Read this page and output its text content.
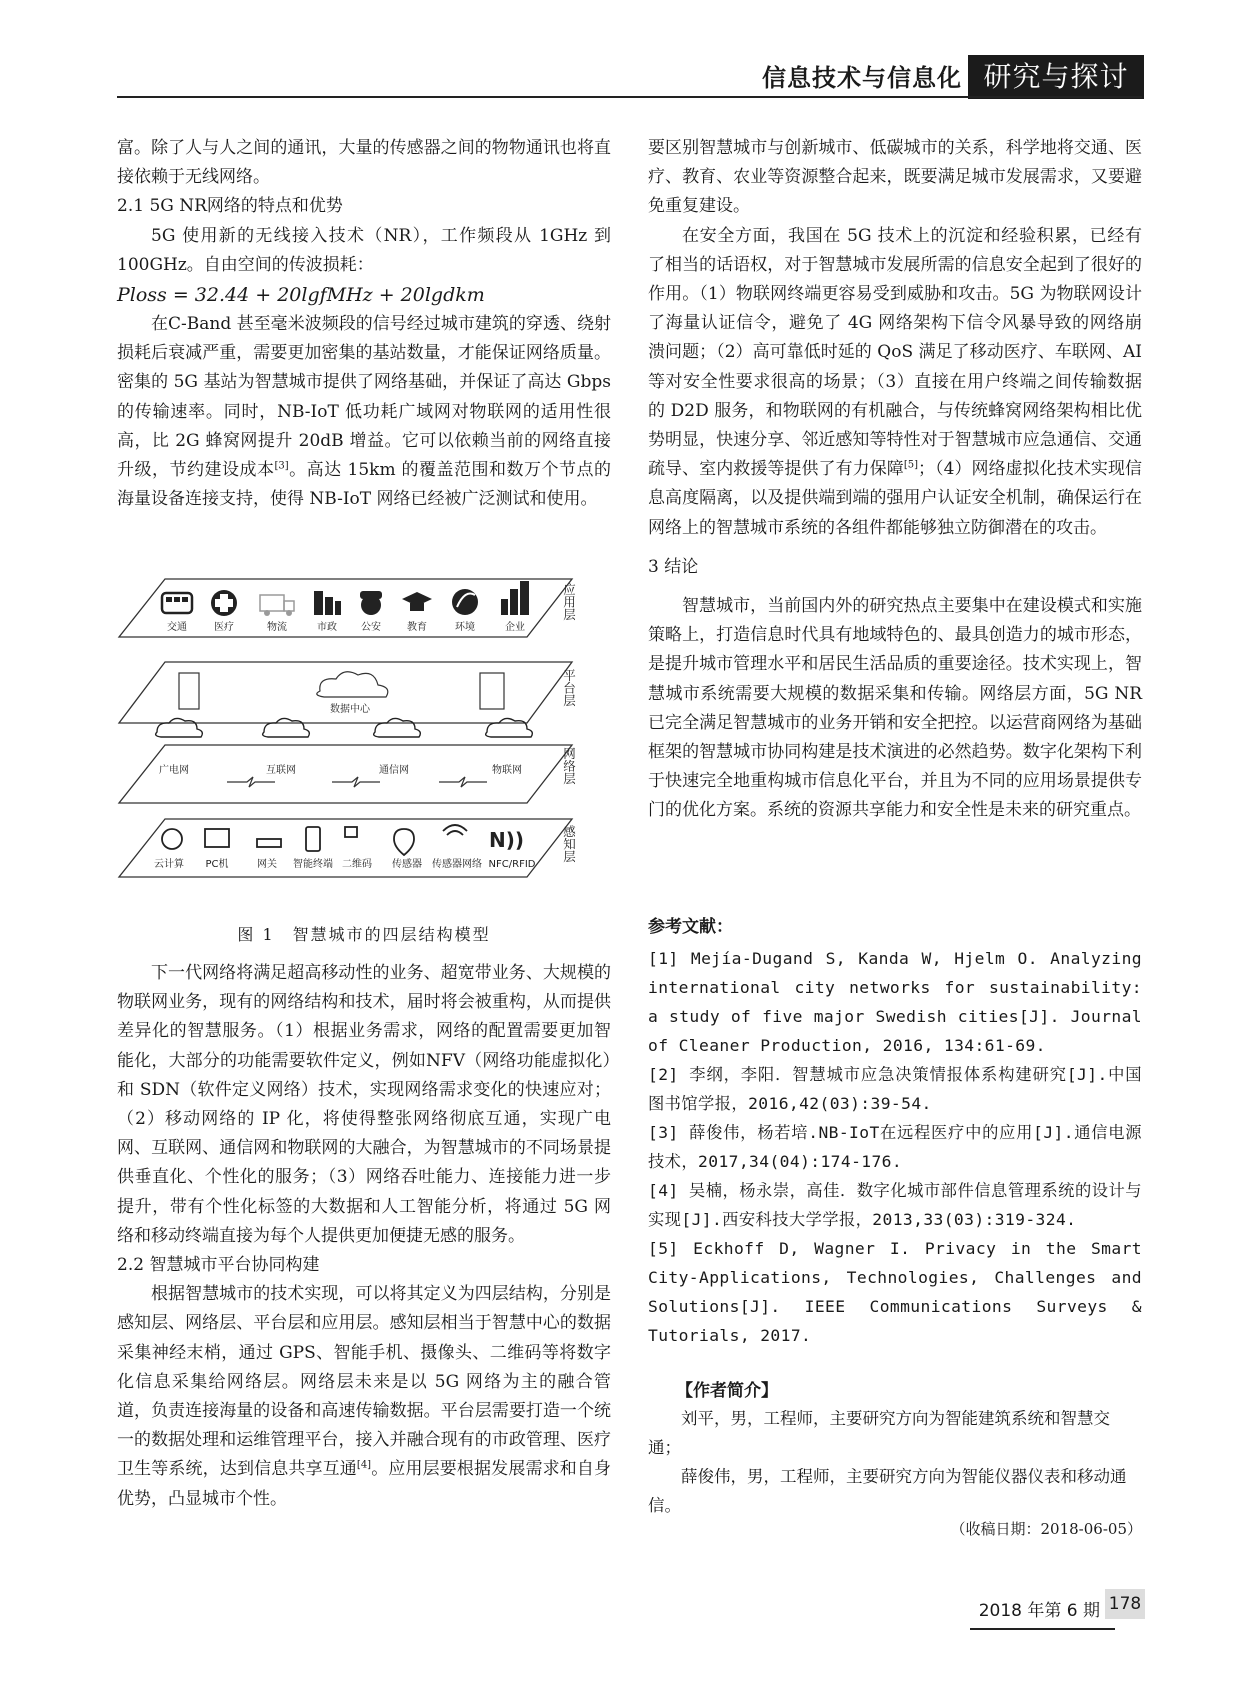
信息技术与信息化 研究与探讨

富。除了人与人之间的通讯，大量的传感器之间的物物通讯也将直接依赖于无线网络。

2.1 5G NR网络的特点和优势

5G 使用新的无线接入技术（NR），工作频段从 1GHz 到 100GHz。自由空间的传波损耗：

Ploss = 32.44 + 20lgfMHz + 20lgdkm

在C-Band 甚至毫米波频段的信号经过城市建筑的穿透、绕射损耗后衰减严重，需要更加密集的基站数量，才能保证网络质量。密集的 5G 基站为智慧城市提供了网络基础，并保证了高达 Gbps 的传输速率。同时，NB-IoT 低功耗广域网对物联网的适用性很高，比 2G 蜂窝网提升 20dB 增益。它可以依赖当前的网络直接升级，节约建设成本[3]。高达 15km 的覆盖范围和数万个节点的海量设备连接支持，使得 NB-IoT 网络已经被广泛测试和使用。

交通	医疗	物流	市政 公安	教育	环境	企业
应用层
数据中心
平台层
广电网	互联网	通信网	物联网	网络层
N))
云计算 PC机	网关 智能终端 二维码 传感器 传感器网络 NFC/RFID
感知层
图 1　智慧城市的四层结构模型

下一代网络将满足超高移动性的业务、超宽带业务、大规模的物联网业务，现有的网络结构和技术，届时将会被重构，从而提供差异化的智慧服务。（1）根据业务需求，网络的配置需要更加智能化，大部分的功能需要软件定义，例如NFV（网络功能虚拟化）和 SDN（软件定义网络）技术，实现网络需求变化的快速应对；（2）移动网络的 IP 化，将使得整张网络彻底互通，实现广电网、互联网、通信网和物联网的大融合，为智慧城市的不同场景提供垂直化、个性化的服务；（3）网络吞吐能力、连接能力进一步提升，带有个性化标签的大数据和人工智能分析，将通过 5G 网络和移动终端直接为每个人提供更加便捷无感的服务。

2.2 智慧城市平台协同构建

根据智慧城市的技术实现，可以将其定义为四层结构，分别是感知层、网络层、平台层和应用层。感知层相当于智慧中心的数据采集神经末梢，通过 GPS、智能手机、摄像头、二维码等将数字化信息采集给网络层。网络层未来是以 5G 网络为主的融合管道，负责连接海量的设备和高速传输数据。平台层需要打造一个统一的数据处理和运维管理平台，接入并融合现有的市政管理、医疗卫生等系统，达到信息共享互通[4]。应用层要根据发展需求和自身优势，凸显城市个性。

要区别智慧城市与创新城市、低碳城市的关系，科学地将交通、医疗、教育、农业等资源整合起来，既要满足城市发展需求，又要避免重复建设。

在安全方面，我国在 5G 技术上的沉淀和经验积累，已经有了相当的话语权，对于智慧城市发展所需的信息安全起到了很好的作用。（1）物联网终端更容易受到威胁和攻击。5G 为物联网设计了海量认证信令，避免了 4G 网络架构下信令风暴导致的网络崩溃问题；（2）高可靠低时延的 QoS 满足了移动医疗、车联网、AI 等对安全性要求很高的场景；（3）直接在用户终端之间传输数据的 D2D 服务，和物联网的有机融合，与传统蜂窝网络架构相比优势明显，快速分享、邻近感知等特性对于智慧城市应急通信、交通疏导、室内救援等提供了有力保障[5]；（4）网络虚拟化技术实现信息高度隔离，以及提供端到端的强用户认证安全机制，确保运行在网络上的智慧城市系统的各组件都能够独立防御潜在的攻击。

3 结论

智慧城市，当前国内外的研究热点主要集中在建设模式和实施策略上，打造信息时代具有地域特色的、最具创造力的城市形态，是提升城市管理水平和居民生活品质的重要途径。技术实现上，智慧城市系统需要大规模的数据采集和传输。网络层方面，5G NR 已完全满足智慧城市的业务开销和安全把控。以运营商网络为基础框架的智慧城市协同构建是技术演进的必然趋势。数字化架构下利于快速完全地重构城市信息化平台，并且为不同的应用场景提供专门的优化方案。系统的资源共享能力和安全性是未来的研究重点。

参考文献：

[1] Mejía-Dugand S, Kanda W, Hjelm O. Analyzing international city networks for sustainability: a study of five major Swedish cities[J]. Journal of Cleaner Production, 2016, 134:61-69.

[2] 李纲，李阳．智慧城市应急决策情报体系构建研究[J].中国图书馆学报，2016,42(03):39-54.

[3] 薛俊伟，杨若培.NB-IoT在远程医疗中的应用[J].通信电源技术，2017,34(04):174-176.

[4] 吴楠，杨永崇，高佳．数字化城市部件信息管理系统的设计与实现[J].西安科技大学学报，2013,33(03):319-324.

[5] Eckhoff D, Wagner I. Privacy in the Smart City-Applications, Technologies, Challenges and Solutions[J]. IEEE Communications Surveys & Tutorials, 2017.

【作者简介】

刘平，男，工程师，主要研究方向为智能建筑系统和智慧交通；

薛俊伟，男，工程师，主要研究方向为智能仪器仪表和移动通信。

（收稿日期：2018-06-05）
2018 年第 6 期 178
